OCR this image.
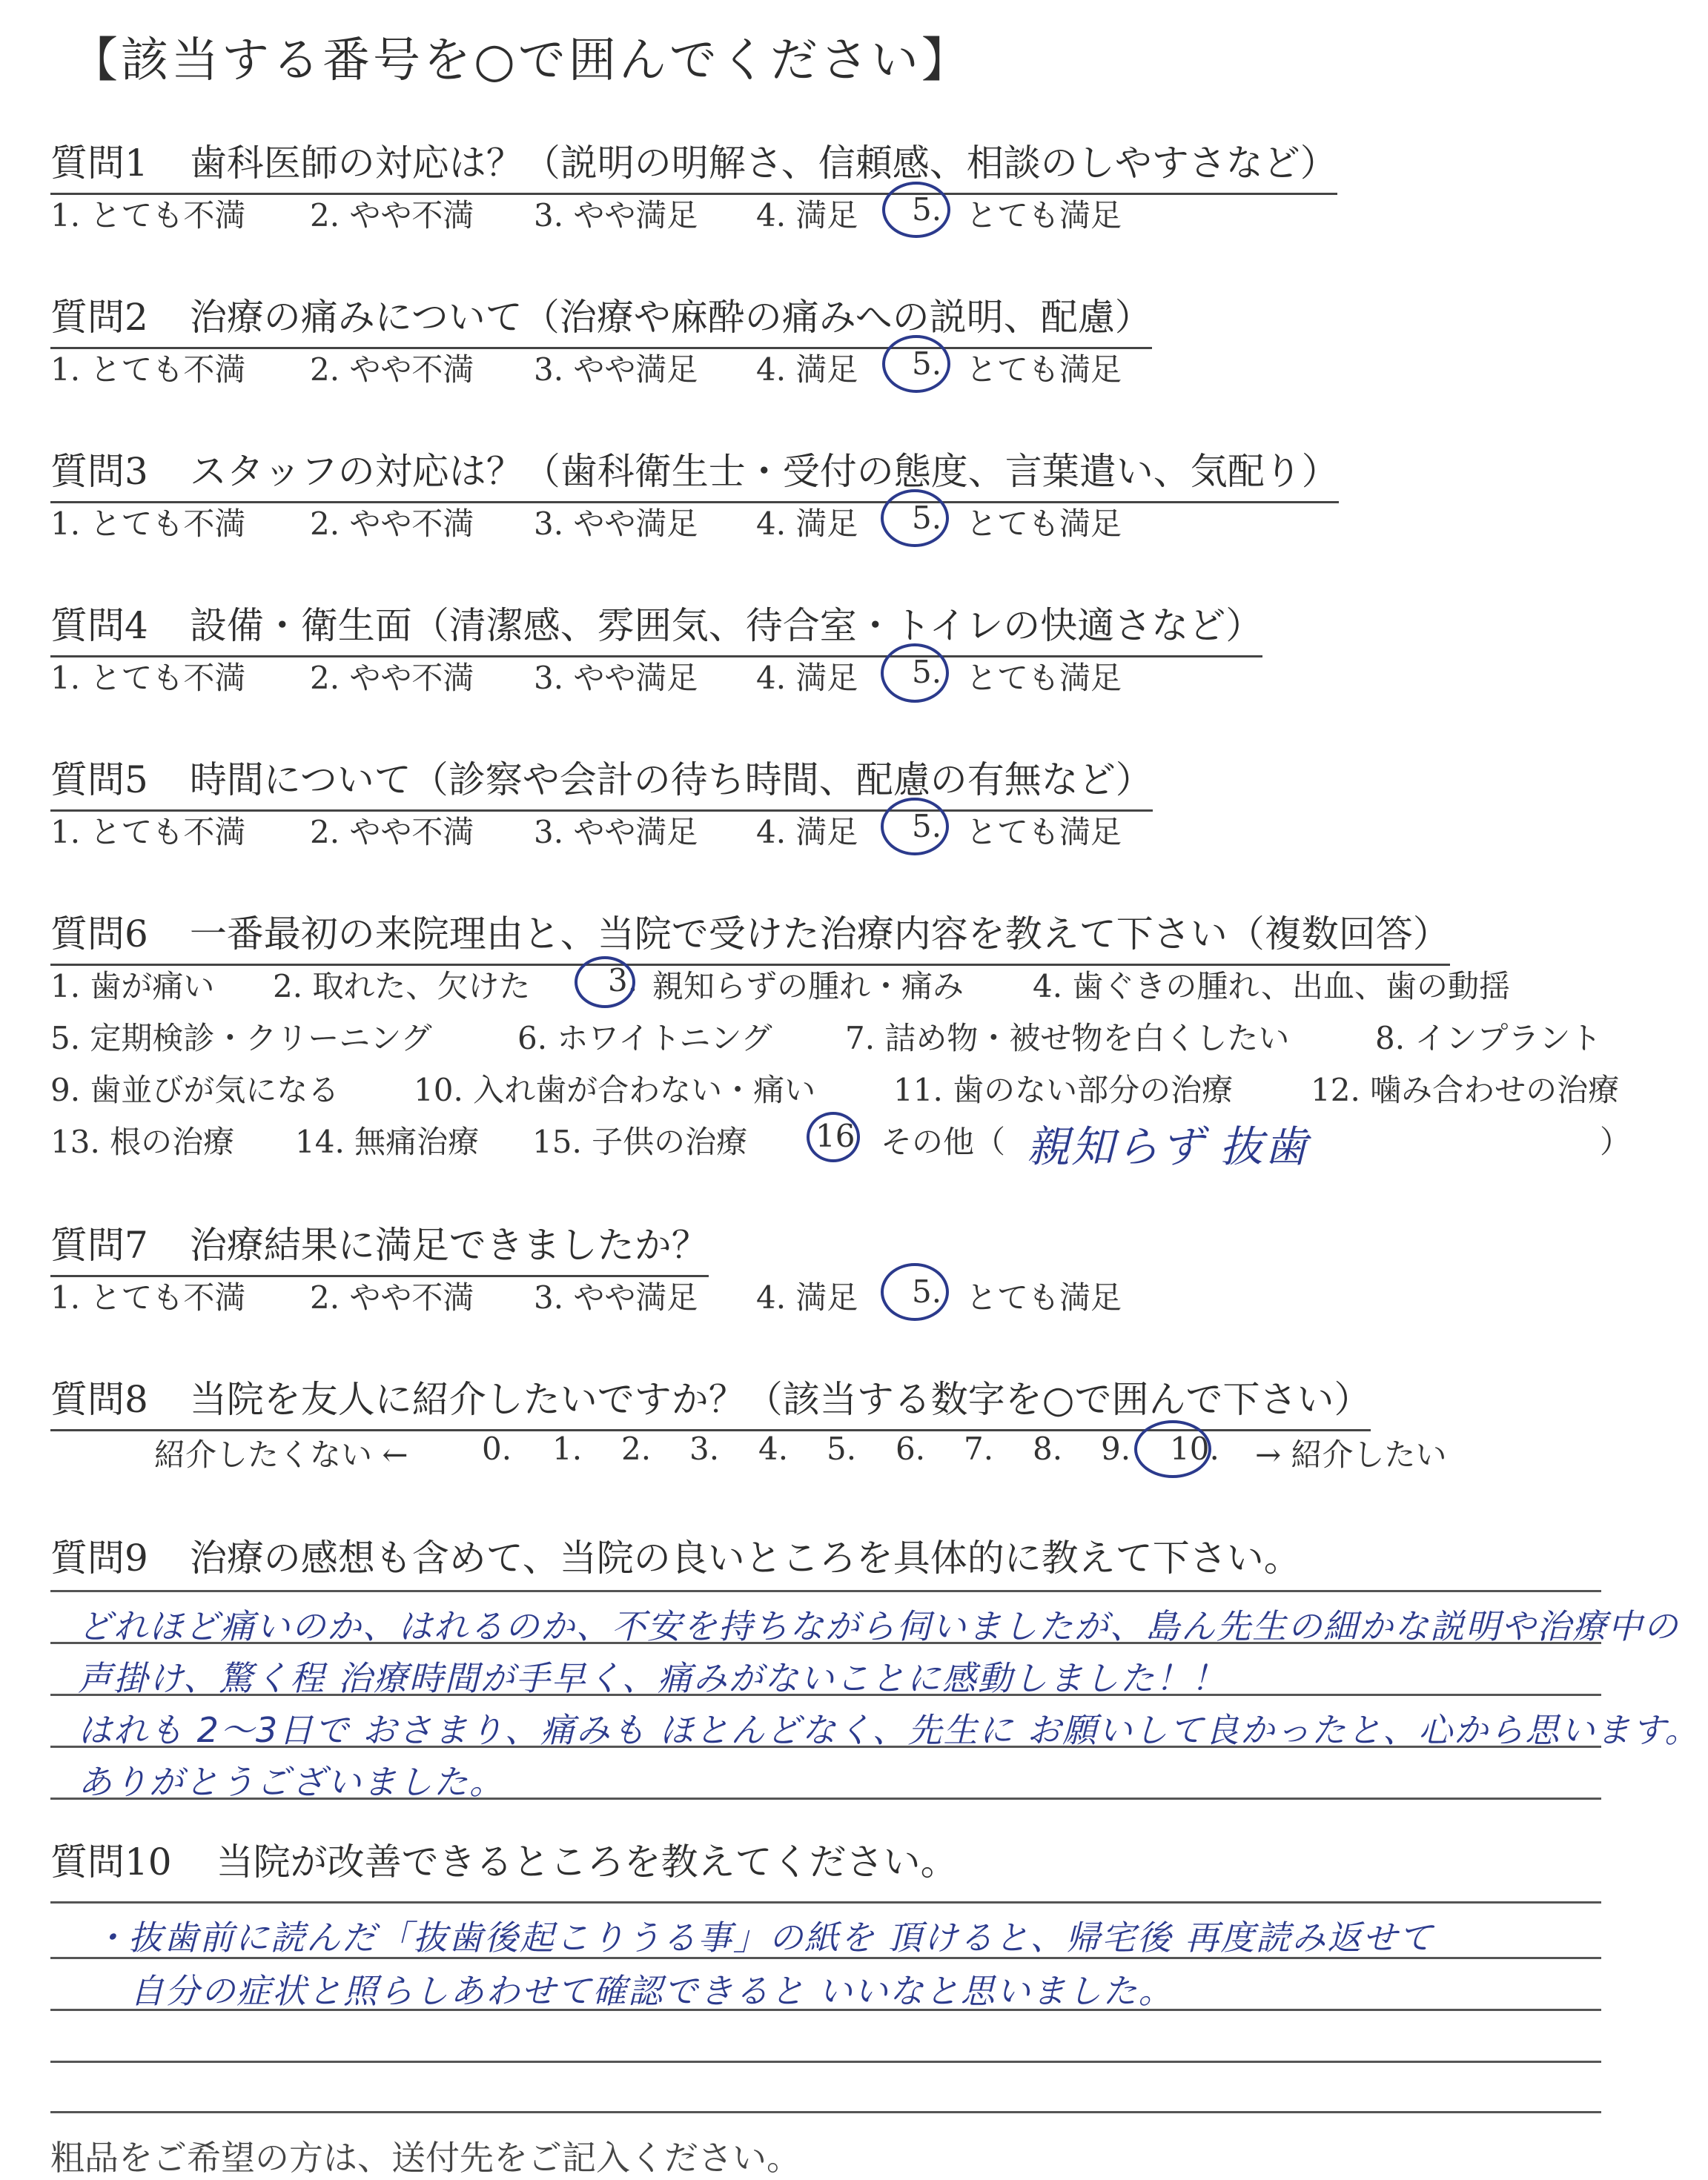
【該当する番号を○で囲んでください】
質問1 歯科医師の対応は？（説明の明解さ、信頼感、相談のしやすさなど）
1. とても不満 2. やや不満 3. やや満足 4. 満足 5. とても満足
質問2 治療の痛みについて（治療や麻酔の痛みへの説明、配慮）
1. とても不満 2. やや不満 3. やや満足 4. 満足 5. とても満足
質問3 スタッフの対応は？（歯科衛生士・受付の態度、言葉遣い、気配り）
1. とても不満 2. やや不満 3. やや満足 4. 満足 5. とても満足
質問4 設備・衛生面（清潔感、雰囲気、待合室・トイレの快適さなど）
1. とても不満 2. やや不満 3. やや満足 4. 満足 5. とても満足
質問5 時間について（診察や会計の待ち時間、配慮の有無など）
1. とても不満 2. やや不満 3. やや満足 4. 満足 5. とても満足
質問6 一番最初の来院理由と、当院で受けた治療内容を教えて下さい（複数回答）
1. 歯が痛い 2. 取れた、欠けた 3. 親知らずの腫れ・痛み 4. 歯ぐきの腫れ、出血、歯の動揺
5. 定期検診・クリーニング	6. ホワイトニング 7. 詰め物・被せ物を白くしたい	8. インプラント
9. 歯並びが気になる 10. 入れ歯が合わない・痛い 11. 歯のない部分の治療 12. 噛み合わせの治療
13. 根の治療 14. 無痛治療 15. 子供の治療 16 その他（	）
親知らず 抜歯
質問7 治療結果に満足できましたか？
1. とても不満 2. やや不満 3. やや満足 4. 満足 5. とても満足
質問8 当院を友人に紹介したいですか？（該当する数字を○で囲んで下さい）
紹介したくない ← 0. 1. 2. 3. 4. 5. 6. 7. 8. 9. 10. → 紹介したい
質問9 治療の感想も含めて、当院の良いところを具体的に教えて下さい。
どれほど痛いのか、はれるのか、不安を持ちながら伺いましたが、島ん先生の細かな説明や治療中の
声掛け、驚く程 治療時間が手早く、痛みがないことに感動しました！！
はれも 2〜3日で おさまり、痛みも ほとんどなく、先生に お願いして良かったと、心から思います。
ありがとうございました。
質問10 当院が改善できるところを教えてください。
・抜歯前に読んだ「抜歯後起こりうる事」の紙を 頂けると、帰宅後 再度読み返せて
自分の症状と照らしあわせて確認できると いいなと思いました。
粗品をご希望の方は、送付先をご記入ください。
